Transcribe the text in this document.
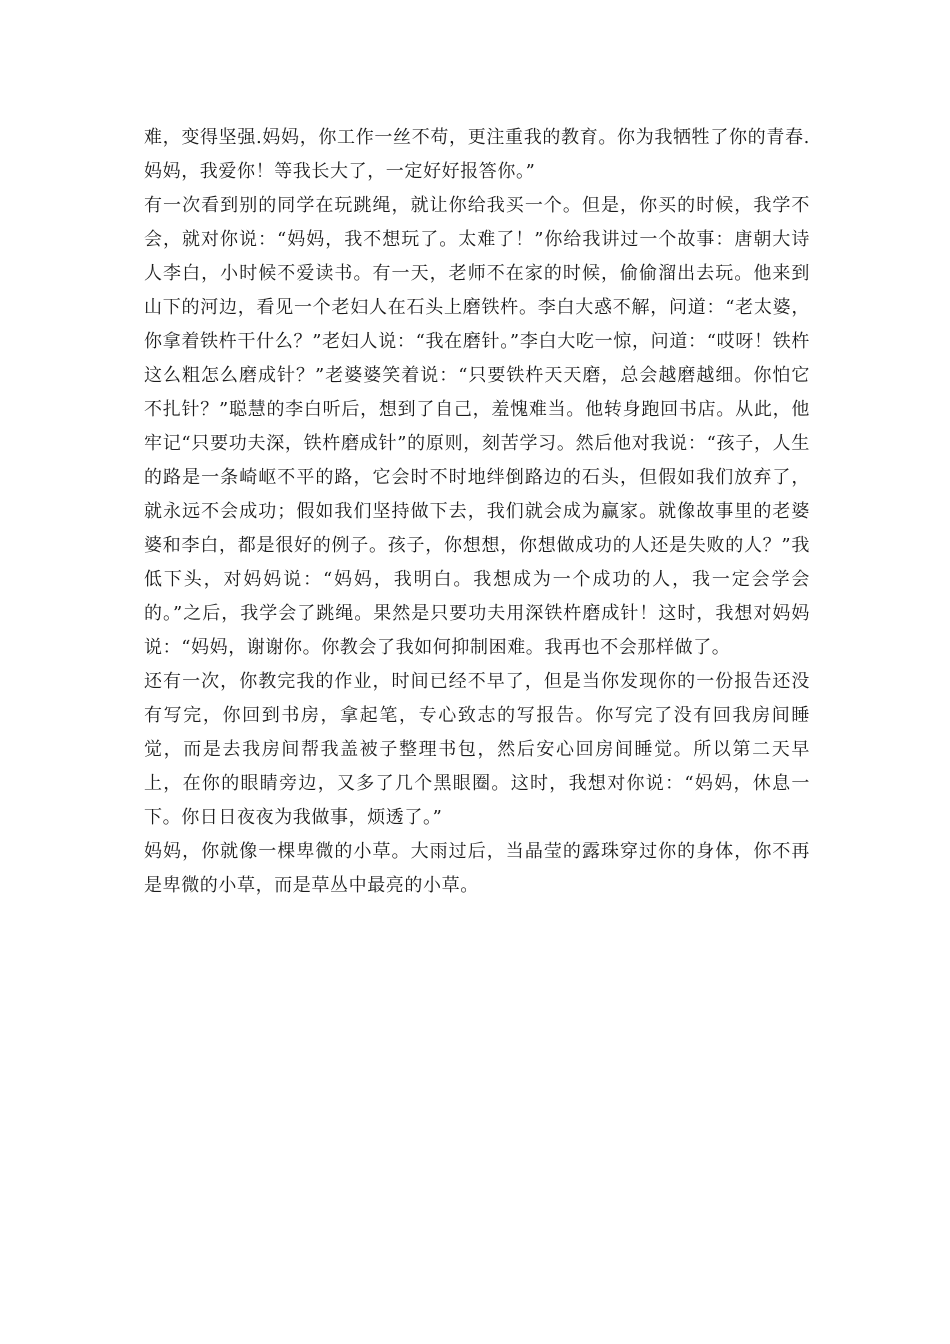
难，变得坚强.妈妈，你工作一丝不苟，更注重我的教育。你为我牺牲了你的青春.妈妈，我爱你！等我长大了，一定好好报答你。”

有一次看到别的同学在玩跳绳，就让你给我买一个。但是，你买的时候，我学不会，就对你说：“妈妈，我不想玩了。太难了！”你给我讲过一个故事：唐朝大诗人李白，小时候不爱读书。有一天，老师不在家的时候，偷偷溜出去玩。他来到山下的河边，看见一个老妇人在石头上磨铁杵。李白大惑不解，问道：“老太婆，你拿着铁杵干什么？”老妇人说：“我在磨针。”李白大吃一惊，问道：“哎呀！铁杵这么粗怎么磨成针？”老婆婆笑着说：“只要铁杵天天磨，总会越磨越细。你怕它不扎针？”聪慧的李白听后，想到了自己，羞愧难当。他转身跑回书店。从此，他牢记“只要功夫深，铁杵磨成针”的原则，刻苦学习。然后他对我说：“孩子，人生的路是一条崎岖不平的路，它会时不时地绊倒路边的石头，但假如我们放弃了，就永远不会成功；假如我们坚持做下去，我们就会成为赢家。就像故事里的老婆婆和李白，都是很好的例子。孩子，你想想，你想做成功的人还是失败的人？”我低下头，对妈妈说：“妈妈，我明白。我想成为一个成功的人，我一定会学会的。”之后，我学会了跳绳。果然是只要功夫用深铁杵磨成针！这时，我想对妈妈说：“妈妈，谢谢你。你教会了我如何抑制困难。我再也不会那样做了。

还有一次，你教完我的作业，时间已经不早了，但是当你发现你的一份报告还没有写完，你回到书房，拿起笔，专心致志的写报告。你写完了没有回我房间睡觉，而是去我房间帮我盖被子整理书包，然后安心回房间睡觉。所以第二天早上，在你的眼睛旁边，又多了几个黑眼圈。这时，我想对你说：“妈妈，休息一下。你日日夜夜为我做事，烦透了。”

妈妈，你就像一棵卑微的小草。大雨过后，当晶莹的露珠穿过你的身体，你不再是卑微的小草，而是草丛中最亮的小草。
